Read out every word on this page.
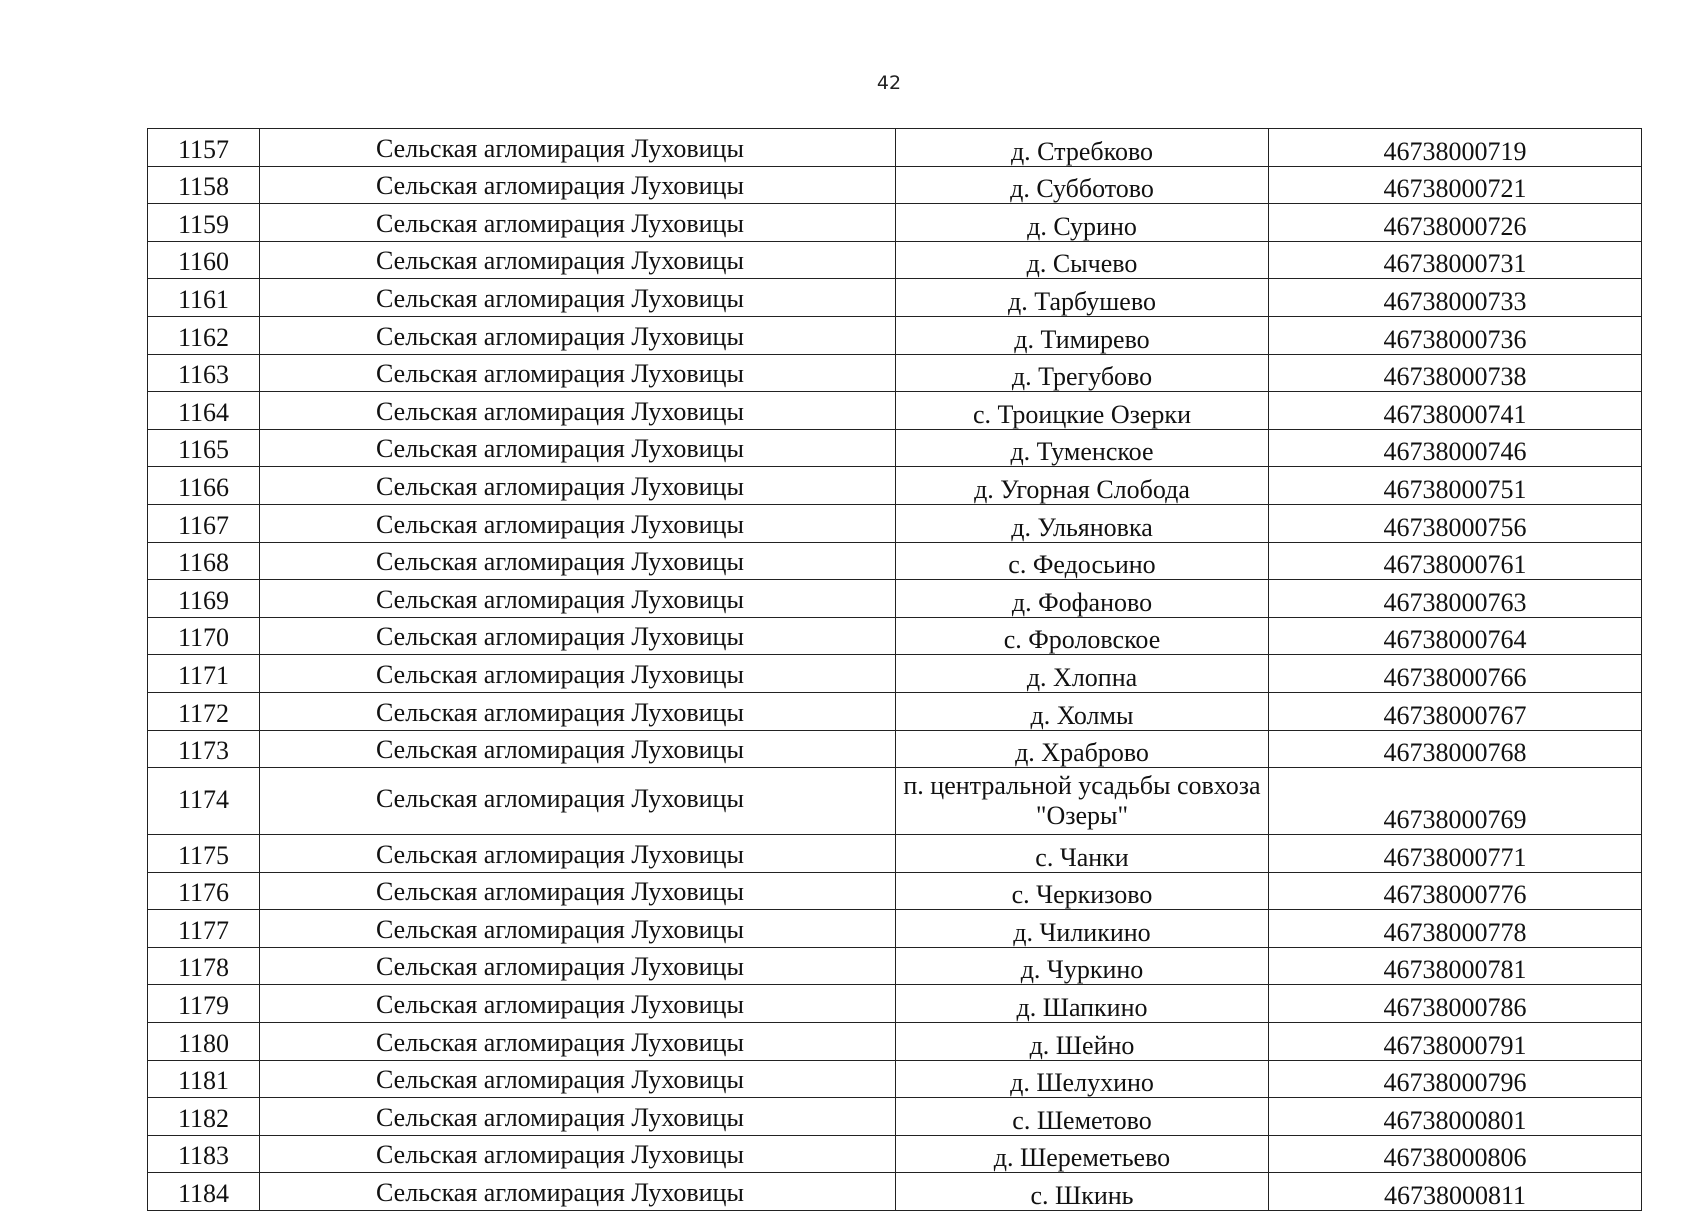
42
1157	Сельская агломирация Луховицы	д. Стребково	46738000719
1158	Сельская агломирация Луховицы	д. Субботово	46738000721
1159	Сельская агломирация Луховицы	д. Сурино	46738000726
1160	Сельская агломирация Луховицы	д. Сычево	46738000731
1161	Сельская агломирация Луховицы	д. Тарбушево	46738000733
1162	Сельская агломирация Луховицы	д. Тимирево	46738000736
1163	Сельская агломирация Луховицы	д. Трегубово	46738000738
1164	Сельская агломирация Луховицы	с. Троицкие Озерки	46738000741
1165	Сельская агломирация Луховицы	д. Туменское	46738000746
1166	Сельская агломирация Луховицы	д. Угорная Слобода	46738000751
1167	Сельская агломирация Луховицы	д. Ульяновка	46738000756
1168	Сельская агломирация Луховицы	с. Федосьино	46738000761
1169	Сельская агломирация Луховицы	д. Фофаново	46738000763
1170	Сельская агломирация Луховицы	с. Фроловское	46738000764
1171	Сельская агломирация Луховицы	д. Хлопна	46738000766
1172	Сельская агломирация Луховицы	д. Холмы	46738000767
1173	Сельская агломирация Луховицы	д. Храброво	46738000768
1174	Сельская агломирация Луховицы	п. центральной усадьбы совхоза "Озеры"	46738000769
1175	Сельская агломирация Луховицы	с. Чанки	46738000771
1176	Сельская агломирация Луховицы	с. Черкизово	46738000776
1177	Сельская агломирация Луховицы	д. Чиликино	46738000778
1178	Сельская агломирация Луховицы	д. Чуркино	46738000781
1179	Сельская агломирация Луховицы	д. Шапкино	46738000786
1180	Сельская агломирация Луховицы	д. Шейно	46738000791
1181	Сельская агломирация Луховицы	д. Шелухино	46738000796
1182	Сельская агломирация Луховицы	с. Шеметово	46738000801
1183	Сельская агломирация Луховицы	д. Шереметьево	46738000806
1184	Сельская агломирация Луховицы	с. Шкинь	46738000811
